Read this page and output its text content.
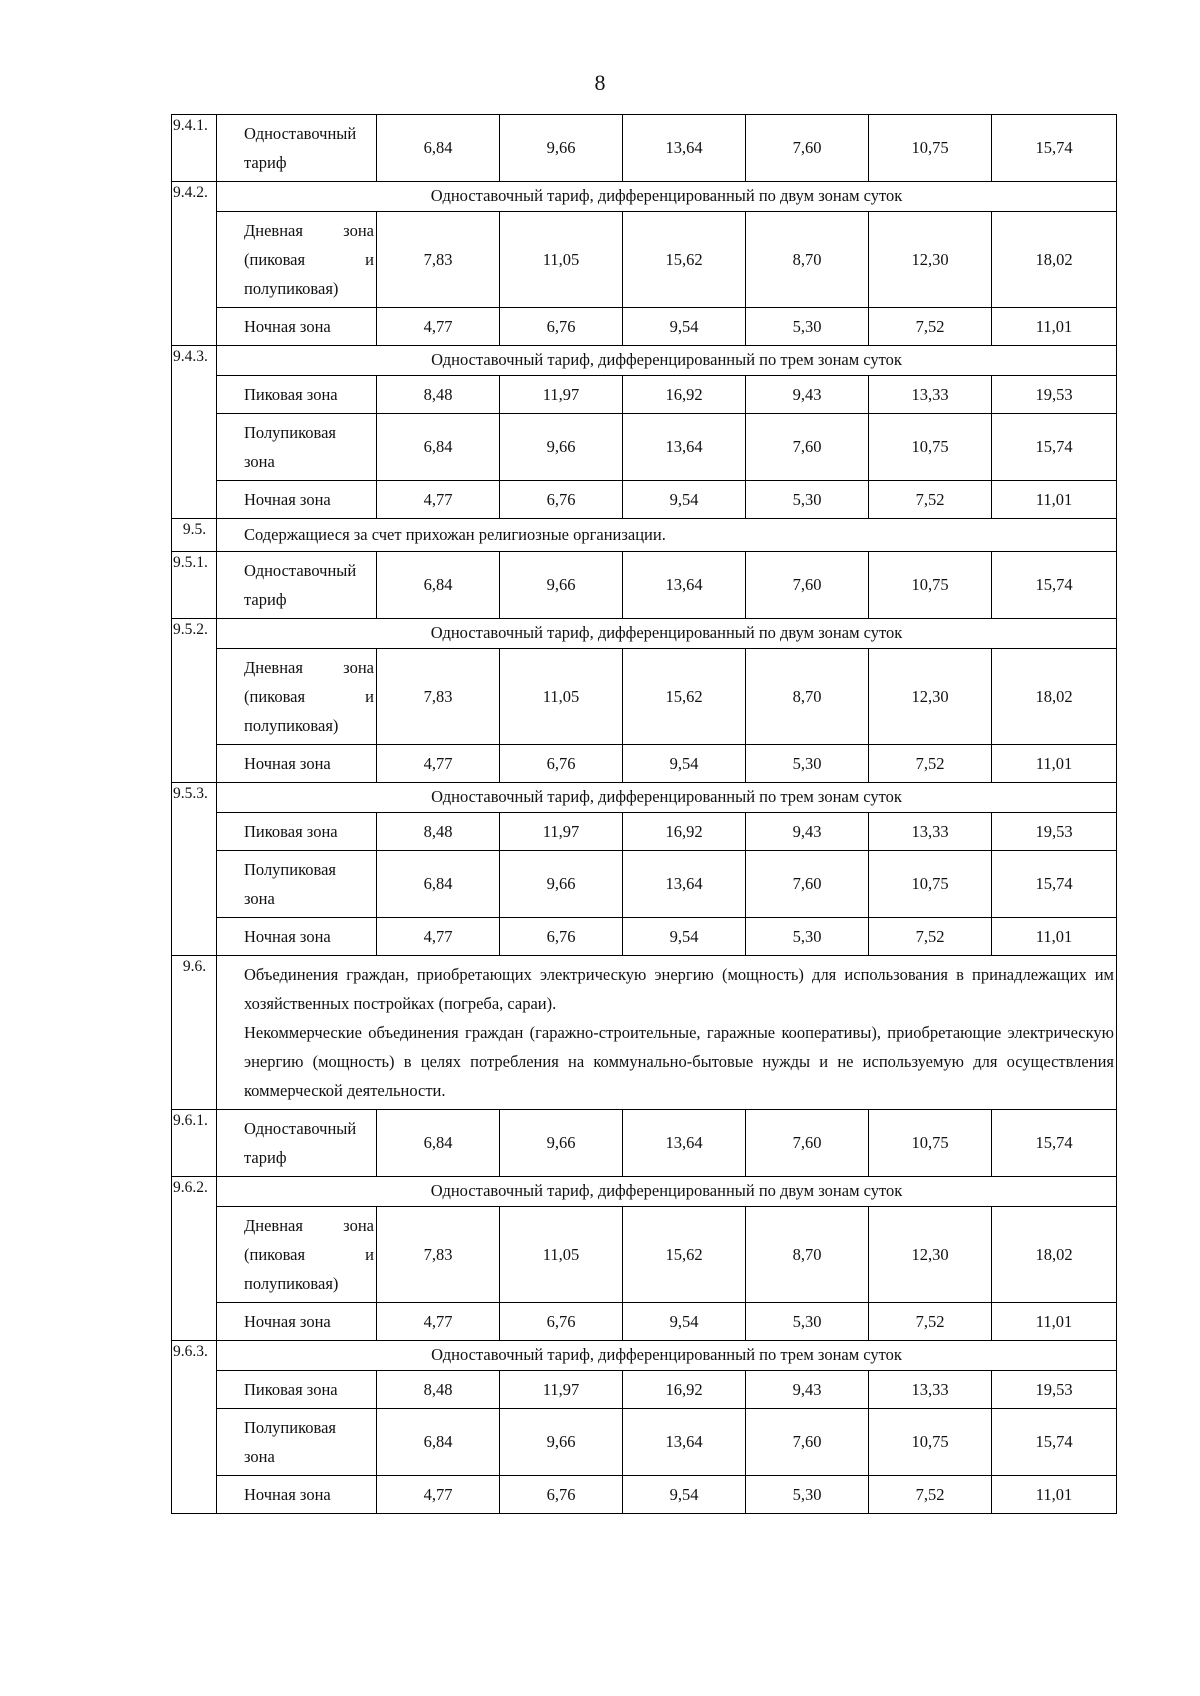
8
9.4.1.	Одноставочный
тариф	6,84	9,66	13,64	7,60	10,75	15,74
9.4.2.	Одноставочный тариф, дифференцированный по двум зонам суток						

	Дневная зона
(пиковая и
полупиковая)	7,83	11,05	15,62	8,70	12,30	18,02

	Ночная зона	4,77	6,76	9,54	5,30	7,52	11,01
9.4.3.	Одноставочный тариф, дифференцированный по трем зонам суток						

	Пиковая зона	8,48	11,97	16,92	9,43	13,33	19,53

	Полупиковая
зона	6,84	9,66	13,64	7,60	10,75	15,74

	Ночная зона	4,77	6,76	9,54	5,30	7,52	11,01
9.5.	Содержащиеся за счет прихожан религиозные организации.						
9.5.1.	Одноставочный
тариф	6,84	9,66	13,64	7,60	10,75	15,74
9.5.2.	Одноставочный тариф, дифференцированный по двум зонам суток						

	Дневная зона
(пиковая и
полупиковая)	7,83	11,05	15,62	8,70	12,30	18,02

	Ночная зона	4,77	6,76	9,54	5,30	7,52	11,01
9.5.3.	Одноставочный тариф, дифференцированный по трем зонам суток						

	Пиковая зона	8,48	11,97	16,92	9,43	13,33	19,53

	Полупиковая
зона	6,84	9,66	13,64	7,60	10,75	15,74

	Ночная зона	4,77	6,76	9,54	5,30	7,52	11,01
9.6.	Объединения граждан, приобретающих электрическую энергию (мощность) для использования в принадлежащих им хозяйственных постройках (погреба, сараи).

Некоммерческие объединения граждан (гаражно-строительные, гаражные кооперативы), приобретающие электрическую энергию (мощность) в целях потребления на коммунально-бытовые нужды и не используемую для осуществления коммерческой деятельности.						

9.6.1.	Одноставочный
тариф	6,84	9,66	13,64	7,60	10,75	15,74
9.6.2.	Одноставочный тариф, дифференцированный по двум зонам суток						

	Дневная зона
(пиковая и
полупиковая)	7,83	11,05	15,62	8,70	12,30	18,02

	Ночная зона	4,77	6,76	9,54	5,30	7,52	11,01
9.6.3.	Одноставочный тариф, дифференцированный по трем зонам суток						

	Пиковая зона	8,48	11,97	16,92	9,43	13,33	19,53

	Полупиковая
зона	6,84	9,66	13,64	7,60	10,75	15,74

	Ночная зона	4,77	6,76	9,54	5,30	7,52	11,01
